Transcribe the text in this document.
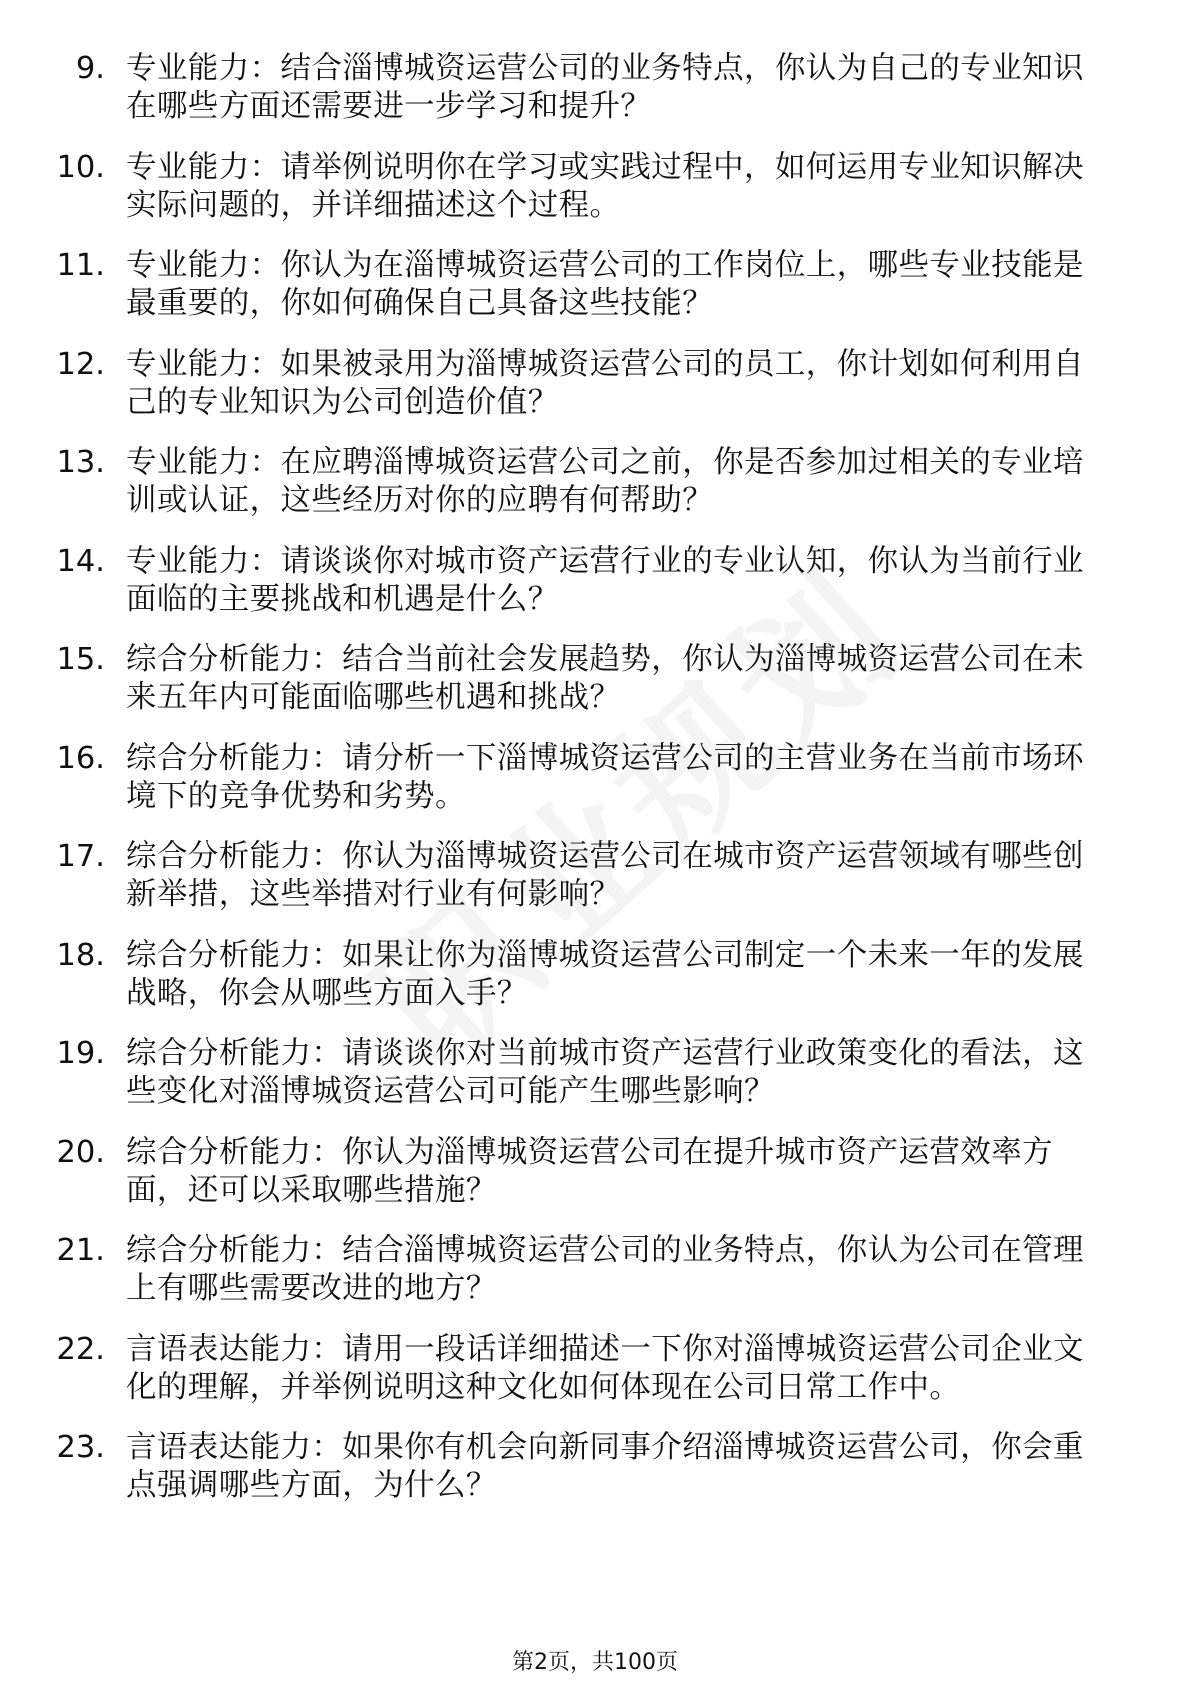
9. 专业能力：结合淄博城资运营公司的业务特点，你认为自己的专业知识在哪些方面还需要进一步学习和提升？
10. 专业能力：请举例说明你在学习或实践过程中，如何运用专业知识解决实际问题的，并详细描述这个过程。
11. 专业能力：你认为在淄博城资运营公司的工作岗位上，哪些专业技能是最重要的，你如何确保自己具备这些技能？
12. 专业能力：如果被录用为淄博城资运营公司的员工，你计划如何利用自己的专业知识为公司创造价值？
13. 专业能力：在应聘淄博城资运营公司之前，你是否参加过相关的专业培训或认证，这些经历对你的应聘有何帮助？
14. 专业能力：请谈谈你对城市资产运营行业的专业认知，你认为当前行业面临的主要挑战和机遇是什么？
15. 综合分析能力：结合当前社会发展趋势，你认为淄博城资运营公司在未来五年内可能面临哪些机遇和挑战？
16. 综合分析能力：请分析一下淄博城资运营公司的主营业务在当前市场环境下的竞争优势和劣势。
17. 综合分析能力：你认为淄博城资运营公司在城市资产运营领域有哪些创新举措，这些举措对行业有何影响？
18. 综合分析能力：如果让你为淄博城资运营公司制定一个未来一年的发展战略，你会从哪些方面入手？
19. 综合分析能力：请谈谈你对当前城市资产运营行业政策变化的看法，这些变化对淄博城资运营公司可能产生哪些影响？
20. 综合分析能力：你认为淄博城资运营公司在提升城市资产运营效率方面，还可以采取哪些措施？
21. 综合分析能力：结合淄博城资运营公司的业务特点，你认为公司在管理上有哪些需要改进的地方？
22. 言语表达能力：请用一段话详细描述一下你对淄博城资运营公司企业文化的理解，并举例说明这种文化如何体现在公司日常工作中。
23. 言语表达能力：如果你有机会向新同事介绍淄博城资运营公司，你会重点强调哪些方面，为什么？
第2页，共100页
